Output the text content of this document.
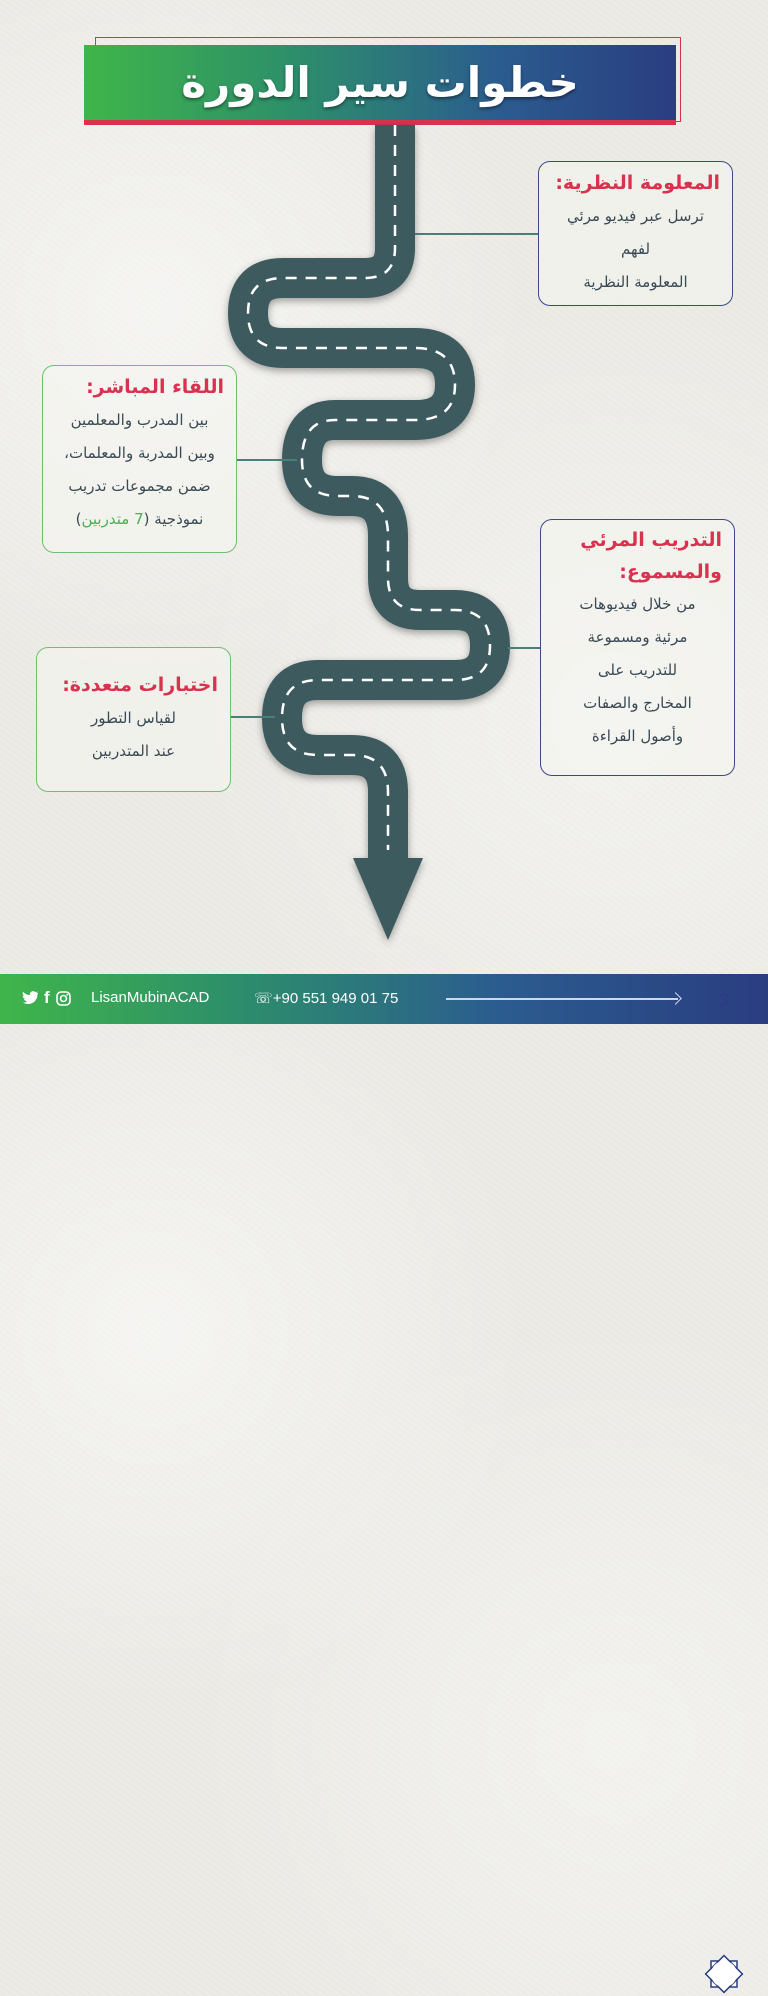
خطوات سير الدورة
المعلومة النظرية:

ترسل عبر فيديو مرئي

لفهم

المعلومة النظرية

اللقاء المباشر:

بين المدرب والمعلمين

وبين المدربة والمعلمات،

ضمن مجموعات تدريب

نموذجية (7 متدربين)

التدريب المرئي والمسموع:

من خلال فيديوهات

مرئية ومسموعة

للتدريب على

المخارج والصفات

وأصول القراءة

اختبارات متعددة:

لقياس التطور

عند المتدربين

f	LisanMubinACAD	☏+90 551 949 01 75	3
